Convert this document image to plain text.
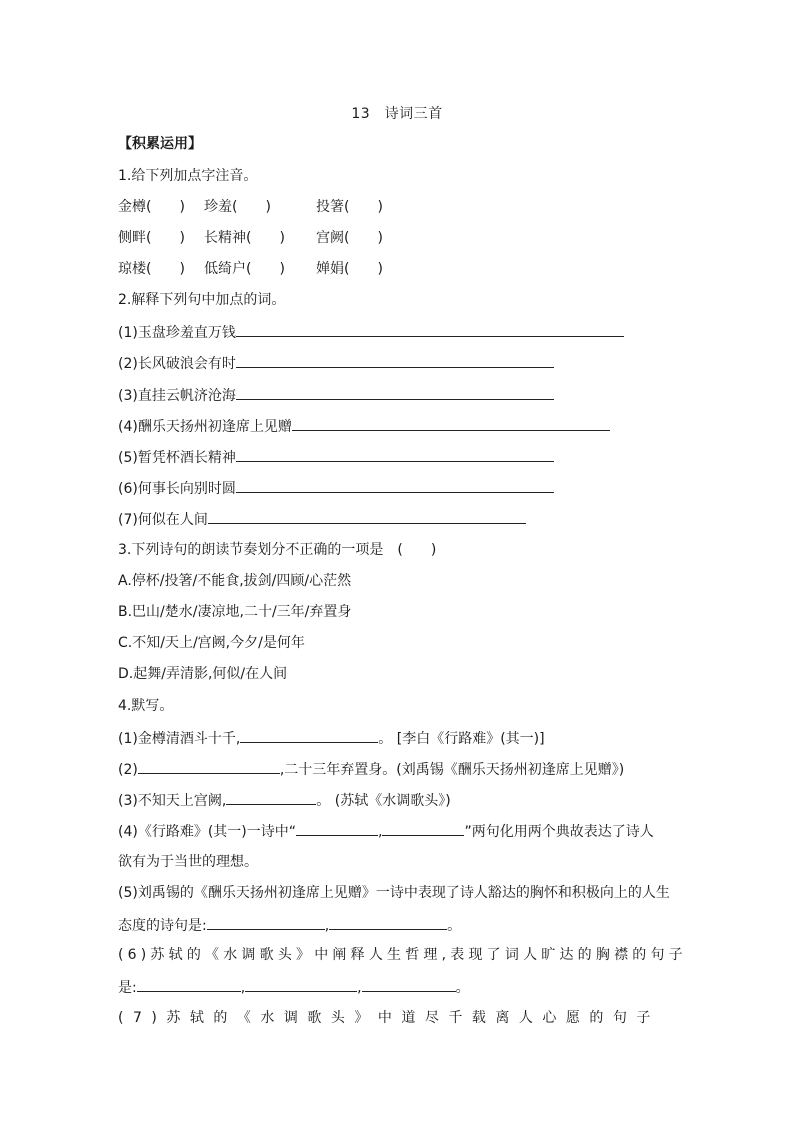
13　诗词三首
【积累运用】
1.给下列加点字注音。
金樽(　　) 珍羞(　　)	投箸(　　)
侧畔(　　) 长精神(　　) 宫阙(　　)
琼楼(　　) 低绮户(　　) 婵娟(　　)
2.解释下列句中加点的词。
(1)玉盘珍羞直万钱
(2)长风破浪会有时
(3)直挂云帆济沧海
(4)酬乐天扬州初逢席上见赠
(5)暂凭杯酒长精神
(6)何事长向别时圆
(7)何似在人间
3.下列诗句的朗读节奏划分不正确的一项是　(　　)
A.停杯/投箸/不能食,拔剑/四顾/心茫然
B.巴山/楚水/凄凉地,二十/三年/弃置身
C.不知/天上/宫阙,今夕/是何年
D.起舞/弄清影,何似/在人间
4.默写。
(1)金樽清酒斗十千,	。 [李白《行路难》(其一)]
(2)	,二十三年弃置身。(刘禹锡《酬乐天扬州初逢席上见赠》)
(3)不知天上宫阙,	。 (苏轼《水调歌头》)
(4)《行路难》(其一)一诗中“	,	”两句化用两个典故表达了诗人
欲有为于当世的理想。
(5)刘禹锡的《酬乐天扬州初逢席上见赠》一诗中表现了诗人豁达的胸怀和积极向上的人生
态度的诗句是:	,	。
(6)苏轼的《水调歌头》中阐释人生哲理,表现了词人旷达的胸襟的句子
是:	,	,	。
(7)苏轼的《水调歌头》中道尽千载离人心愿的句子
